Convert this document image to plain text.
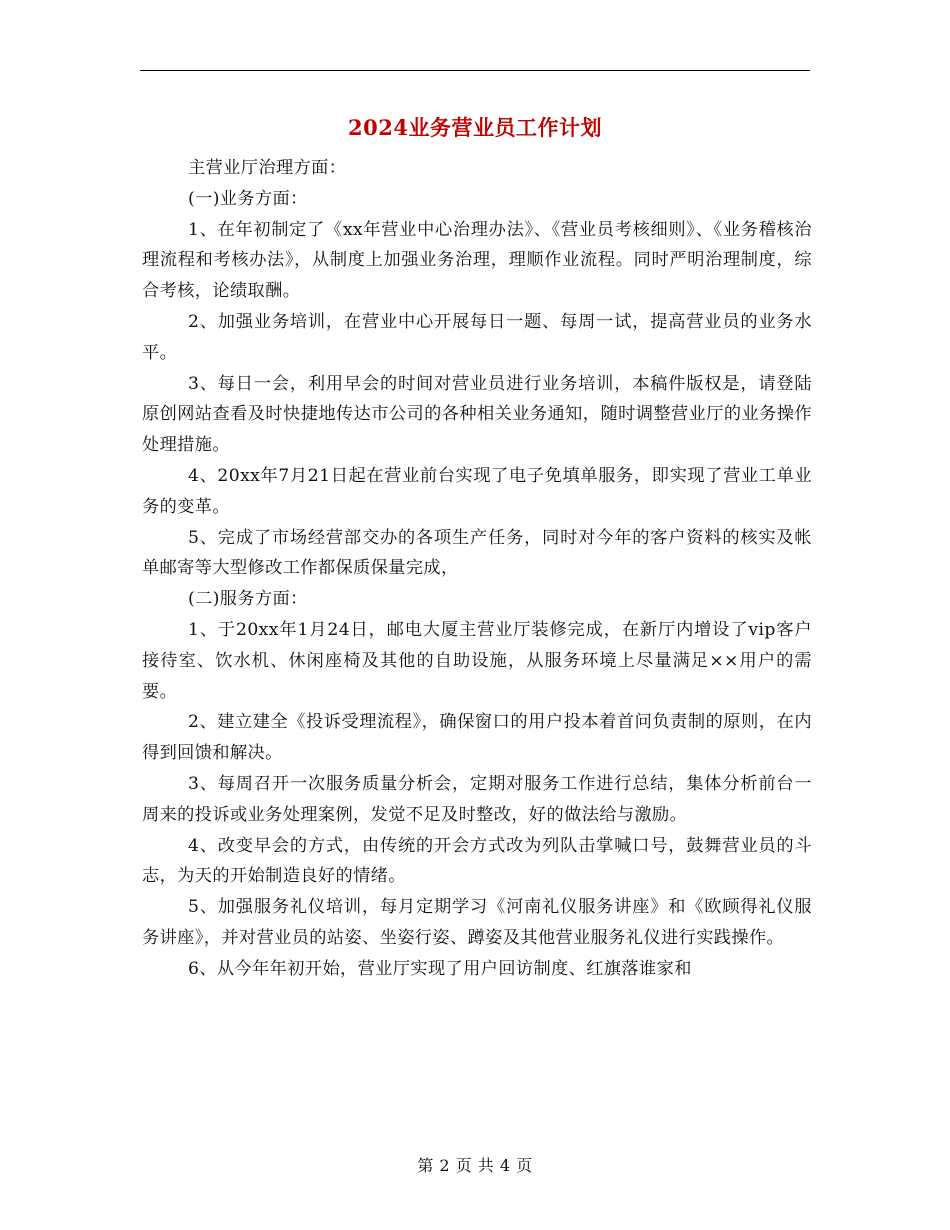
2024业务营业员工作计划

主营业厅治理方面：

(一)业务方面：

1、在年初制定了《xx年营业中心治理办法》、《营业员考核细则》、《业务稽核治理流程和考核办法》，从制度上加强业务治理，理顺作业流程。同时严明治理制度，综合考核，论绩取酬。

2、加强业务培训，在营业中心开展每日一题、每周一试，提高营业员的业务水平。

3、每日一会，利用早会的时间对营业员进行业务培训，本稿件版权是，请登陆原创网站查看及时快捷地传达市公司的各种相关业务通知，随时调整营业厅的业务操作处理措施。

4、20xx年7月21日起在营业前台实现了电子免填单服务，即实现了营业工单业务的变革。

5、完成了市场经营部交办的各项生产任务，同时对今年的客户资料的核实及帐单邮寄等大型修改工作都保质保量完成，

(二)服务方面：

1、于20xx年1月24日，邮电大厦主营业厅装修完成，在新厅内增设了vip客户接待室、饮水机、休闲座椅及其他的自助设施，从服务环境上尽量满足××用户的需要。

2、建立建全《投诉受理流程》，确保窗口的用户投本着首问负责制的原则，在内得到回馈和解决。

3、每周召开一次服务质量分析会，定期对服务工作进行总结，集体分析前台一周来的投诉或业务处理案例，发觉不足及时整改，好的做法给与激励。

4、改变早会的方式，由传统的开会方式改为列队击掌喊口号，鼓舞营业员的斗志，为天的开始制造良好的情绪。

5、加强服务礼仪培训，每月定期学习《河南礼仪服务讲座》和《欧顾得礼仪服务讲座》，并对营业员的站姿、坐姿行姿、蹲姿及其他营业服务礼仪进行实践操作。

6、从今年年初开始，营业厅实现了用户回访制度、红旗落谁家和

第 2 页 共 4 页
